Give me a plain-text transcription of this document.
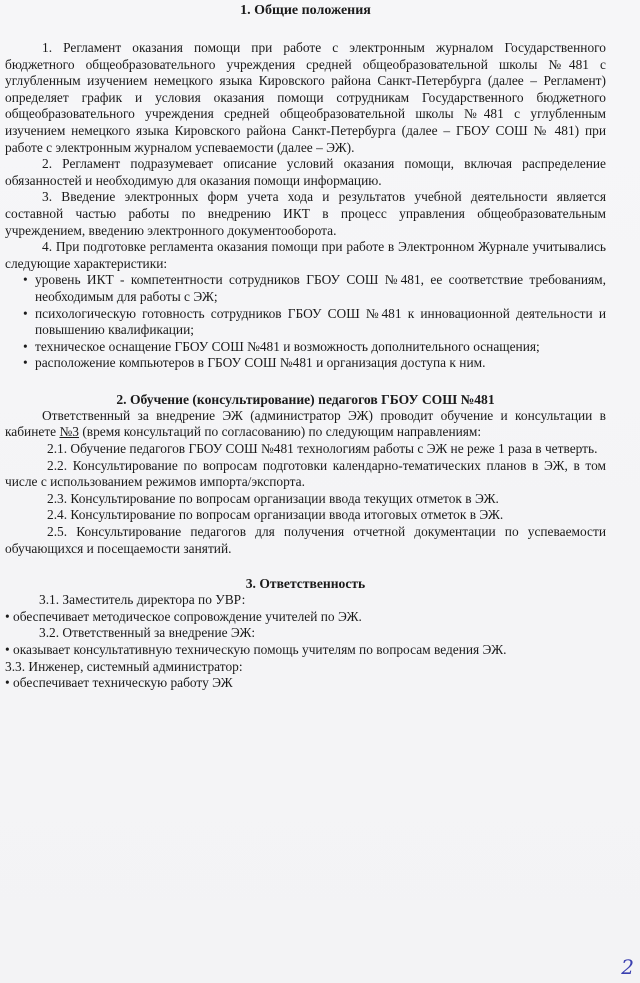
1. Общие положения

1. Регламент оказания помощи при работе с электронным журналом Государственного бюджетного общеобразовательного учреждения средней общеобразовательной школы №481 с углубленным изучением немецкого языка Кировского района Санкт-Петербурга (далее – Регламент) определяет график и условия оказания помощи сотрудникам Государственного бюджетного общеобразовательного учреждения средней общеобразовательной школы №481 с углубленным изучением немецкого языка Кировского района Санкт-Петербурга (далее – ГБОУ СОШ № 481) при работе с электронным журналом успеваемости (далее – ЭЖ).

2. Регламент подразумевает описание условий оказания помощи, включая распределение обязанностей и необходимую для оказания помощи информацию.

3. Введение электронных форм учета хода и результатов учебной деятельности является составной частью работы по внедрению ИКТ в процесс управления общеобразовательным учреждением, введению электронного документооборота.

4. При подготовке регламента оказания помощи при работе в Электронном Журнале учитывались следующие характеристики:

• уровень ИКТ - компетентности сотрудников ГБОУ СОШ №481, ее соответствие требованиям, необходимым для работы с ЭЖ;
• психологическую готовность сотрудников ГБОУ СОШ №481 к инновационной деятельности и повышению квалификации;
• техническое оснащение ГБОУ СОШ №481 и возможность дополнительного оснащения;
• расположение компьютеров в ГБОУ СОШ №481 и организация доступа к ним.

2. Обучение (консультирование) педагогов ГБОУ СОШ №481

Ответственный за внедрение ЭЖ (администратор ЭЖ) проводит обучение и консультации в кабинете №3 (время консультаций по согласованию) по следующим направлениям:

2.1. Обучение педагогов ГБОУ СОШ №481 технологиям работы с ЭЖ не реже 1 раза в четверть.

2.2. Консультирование по вопросам подготовки календарно-тематических планов в ЭЖ, в том числе с использованием режимов импорта/экспорта.

2.3. Консультирование по вопросам организации ввода текущих отметок в ЭЖ.

2.4. Консультирование по вопросам организации ввода итоговых отметок в ЭЖ.

2.5. Консультирование педагогов для получения отчетной документации по успеваемости обучающихся и посещаемости занятий.

3. Ответственность

3.1. Заместитель директора по УВР:

• обеспечивает методическое сопровождение учителей по ЭЖ.

3.2. Ответственный за внедрение ЭЖ:

• оказывает консультативную техническую помощь учителям по вопросам ведения ЭЖ.

3.3. Инженер, системный администратор:

• обеспечивает техническую работу ЭЖ

2
